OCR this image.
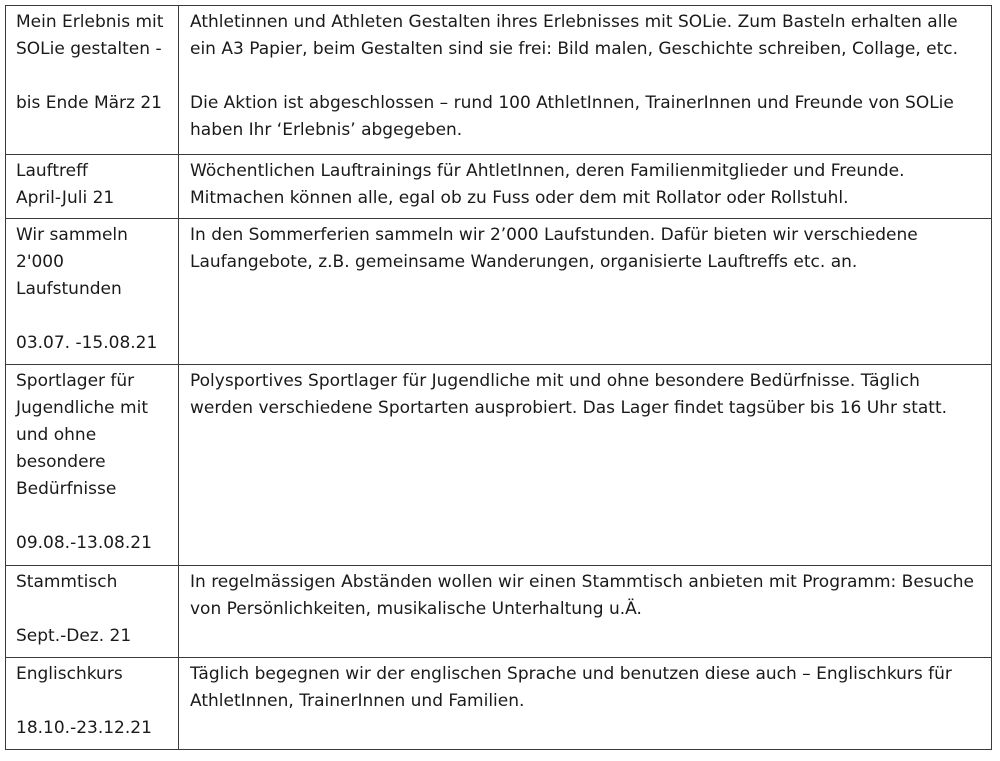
Mein Erlebnis mit SOLie gestalten -

bis Ende März 21	Athletinnen und Athleten Gestalten ihres Erlebnisses mit SOLie. Zum Basteln erhalten alle ein A3 Papier, beim Gestalten sind sie frei: Bild malen, Geschichte schreiben, Collage, etc.

Die Aktion ist abgeschlossen – rund 100 AthletInnen, TrainerInnen und Freunde von SOLie haben Ihr ‘Erlebnis’ abgegeben.
Lauftreff
April-Juli 21	Wöchentlichen Lauftrainings für AhtletInnen, deren Familienmitglieder und Freunde. Mitmachen können alle, egal ob zu Fuss oder dem mit Rollator oder Rollstuhl.
Wir sammeln 2'000 Laufstunden

03.07. -15.08.21	In den Sommerferien sammeln wir 2’000 Laufstunden. Dafür bieten wir verschiedene Laufangebote, z.B. gemeinsame Wanderungen, organisierte Lauftreffs etc. an.
Sportlager für Jugendliche mit und ohne besondere Bedürfnisse

09.08.-13.08.21	Polysportives Sportlager für Jugendliche mit und ohne besondere Bedürfnisse. Täglich werden verschiedene Sportarten ausprobiert. Das Lager findet tagsüber bis 16 Uhr statt.
Stammtisch

Sept.-Dez. 21	In regelmässigen Abständen wollen wir einen Stammtisch anbieten mit Programm: Besuche von Persönlichkeiten, musikalische Unterhaltung u.Ä.
Englischkurs

18.10.-23.12.21	Täglich begegnen wir der englischen Sprache und benutzen diese auch – Englischkurs für AthletInnen, TrainerInnen und Familien.
